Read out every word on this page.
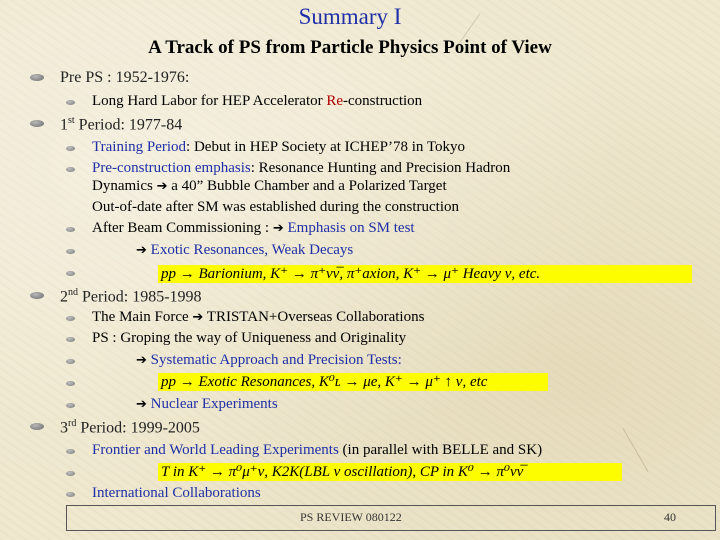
Summary I
A Track of PS from Particle Physics Point of View
Pre PS : 1952-1976:
Long Hard Labor for HEP Accelerator Re-construction
1st Period: 1977-84
Training Period: Debut in HEP Society at ICHEP’78 in Tokyo
Pre-construction emphasis: Resonance Hunting and Precision Hadron
Dynamics ➔ a 40” Bubble Chamber and a Polarized Target
Out-of-date after SM was established during the construction
After Beam Commissioning : ➔ Emphasis on SM test
➔ Exotic Resonances, Weak Decays
pp → Barionium, K⁺ → π⁺νν̅, π⁺axion, K⁺ → μ⁺ Heavy ν, etc.
2nd Period: 1985-1998
The Main Force ➔ TRISTAN+Overseas Collaborations
PS : Groping the way of Uniqueness and Originality
➔ Systematic Approach and Precision Tests:
pp → Exotic Resonances, K⁰ʟ → μe, K⁺ → μ⁺ ↑ ν, etc
➔ Nuclear Experiments
3rd Period: 1999-2005
Frontier and World Leading Experiments (in parallel with BELLE and SK)
T in K⁺ → π⁰μ⁺ν, K2K(LBL ν oscillation), CP in K⁰ → π⁰νν̅
International Collaborations
PS REVIEW 080122	40
